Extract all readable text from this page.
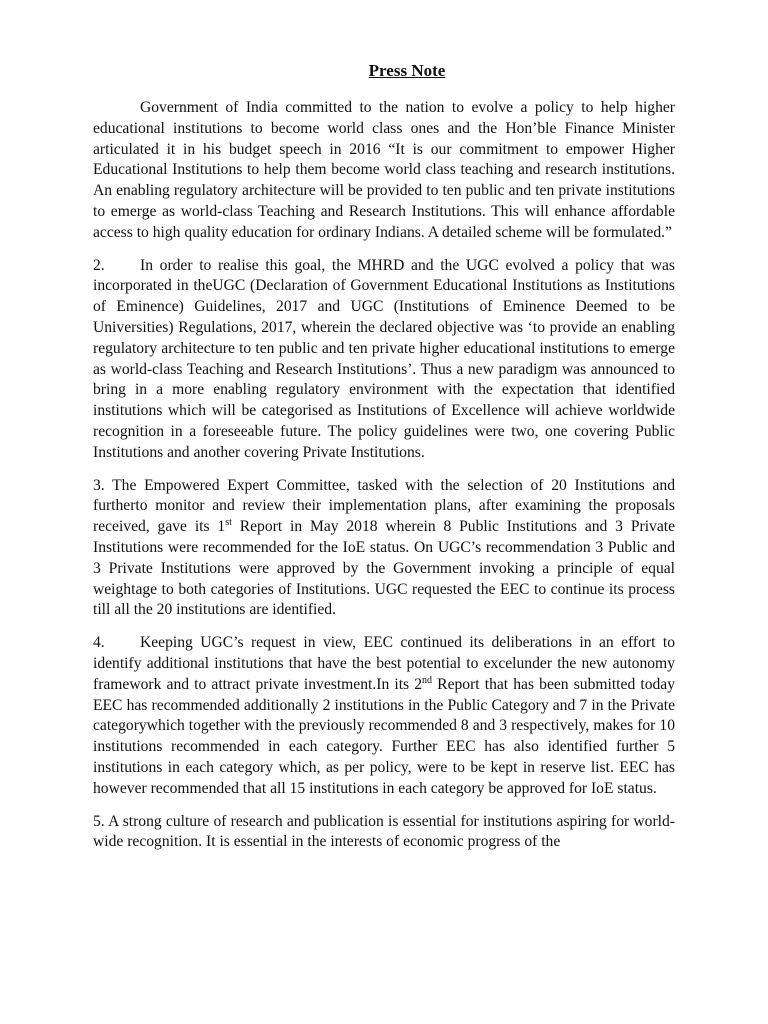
Press Note

Government of India committed to the nation to evolve a policy to help higher educational institutions to become world class ones and the Hon’ble Finance Minister articulated it in his budget speech in 2016 “It is our commitment to empower Higher Educational Institutions to help them become world class teaching and research institutions. An enabling regulatory architecture will be provided to ten public and ten private institutions to emerge as world-class Teaching and Research Institutions. This will enhance affordable access to high quality education for ordinary Indians. A detailed scheme will be formulated.”

2. In order to realise this goal, the MHRD and the UGC evolved a policy that was incorporated in theUGC (Declaration of Government Educational Institutions as Institutions of Eminence) Guidelines, 2017 and UGC (Institutions of Eminence Deemed to be Universities) Regulations, 2017, wherein the declared objective was ‘to provide an enabling regulatory architecture to ten public and ten private higher educational institutions to emerge as world-class Teaching and Research Institutions’. Thus a new paradigm was announced to bring in a more enabling regulatory environment with the expectation that identified institutions which will be categorised as Institutions of Excellence will achieve worldwide recognition in a foreseeable future. The policy guidelines were two, one covering Public Institutions and another covering Private Institutions.

3. The Empowered Expert Committee, tasked with the selection of 20 Institutions and furtherto monitor and review their implementation plans, after examining the proposals received, gave its 1st Report in May 2018 wherein 8 Public Institutions and 3 Private Institutions were recommended for the IoE status. On UGC’s recommendation 3 Public and 3 Private Institutions were approved by the Government invoking a principle of equal weightage to both categories of Institutions. UGC requested the EEC to continue its process till all the 20 institutions are identified.

4. Keeping UGC’s request in view, EEC continued its deliberations in an effort to identify additional institutions that have the best potential to excelunder the new autonomy framework and to attract private investment.In its 2nd Report that has been submitted today EEC has recommended additionally 2 institutions in the Public Category and 7 in the Private categorywhich together with the previously recommended 8 and 3 respectively, makes for 10 institutions recommended in each category. Further EEC has also identified further 5 institutions in each category which, as per policy, were to be kept in reserve list. EEC has however recommended that all 15 institutions in each category be approved for IoE status.

5. A strong culture of research and publication is essential for institutions aspiring for world-wide recognition. It is essential in the interests of economic progress of the
